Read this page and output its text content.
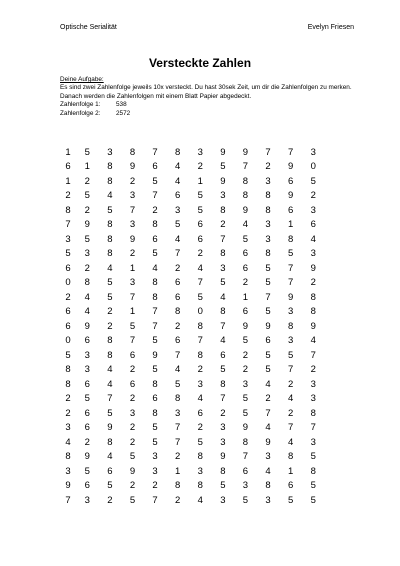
Optische Serialität	Evelyn Friesen
Versteckte Zahlen
Deine Aufgabe:
Es sind zwei Zahlenfolge jeweils 10x versteckt. Du hast 30sek Zeit, um dir die Zahlenfolgen zu merken. Danach werden die Zahlenfolgen mit einem Blatt Papier abgedeckt.
Zahlenfolge 1:	538
Zahlenfolge 2:	2572
1	5	3	8	7	8	3	9	9	7	7	3
6	1	8	9	6	4	2	5	7	2	9	0
1	2	8	2	5	4	1	9	8	3	6	5
2	5	4	3	7	6	5	3	8	8	9	2
8	2	5	7	2	3	5	8	9	8	6	3
7	9	8	3	8	5	6	2	4	3	1	6
3	5	8	9	6	4	6	7	5	3	8	4
5	3	8	2	5	7	2	8	6	8	5	3
6	2	4	1	4	2	4	3	6	5	7	9
0	8	5	3	8	6	7	5	2	5	7	2
2	4	5	7	8	6	5	4	1	7	9	8
6	4	2	1	7	8	0	8	6	5	3	8
6	9	2	5	7	2	8	7	9	9	8	9
0	6	8	7	5	6	7	4	5	6	3	4
5	3	8	6	9	7	8	6	2	5	5	7
8	3	4	2	5	4	2	5	2	5	7	2
8	6	4	6	8	5	3	8	3	4	2	3
2	5	7	2	6	8	4	7	5	2	4	3
2	6	5	3	8	3	6	2	5	7	2	8
3	6	9	2	5	7	2	3	9	4	7	7
4	2	8	2	5	7	5	3	8	9	4	3
8	9	4	5	3	2	8	9	7	3	8	5
3	5	6	9	3	1	3	8	6	4	1	8
9	6	5	2	2	8	8	5	3	8	6	5
7	3	2	5	7	2	4	3	5	3	5	5
